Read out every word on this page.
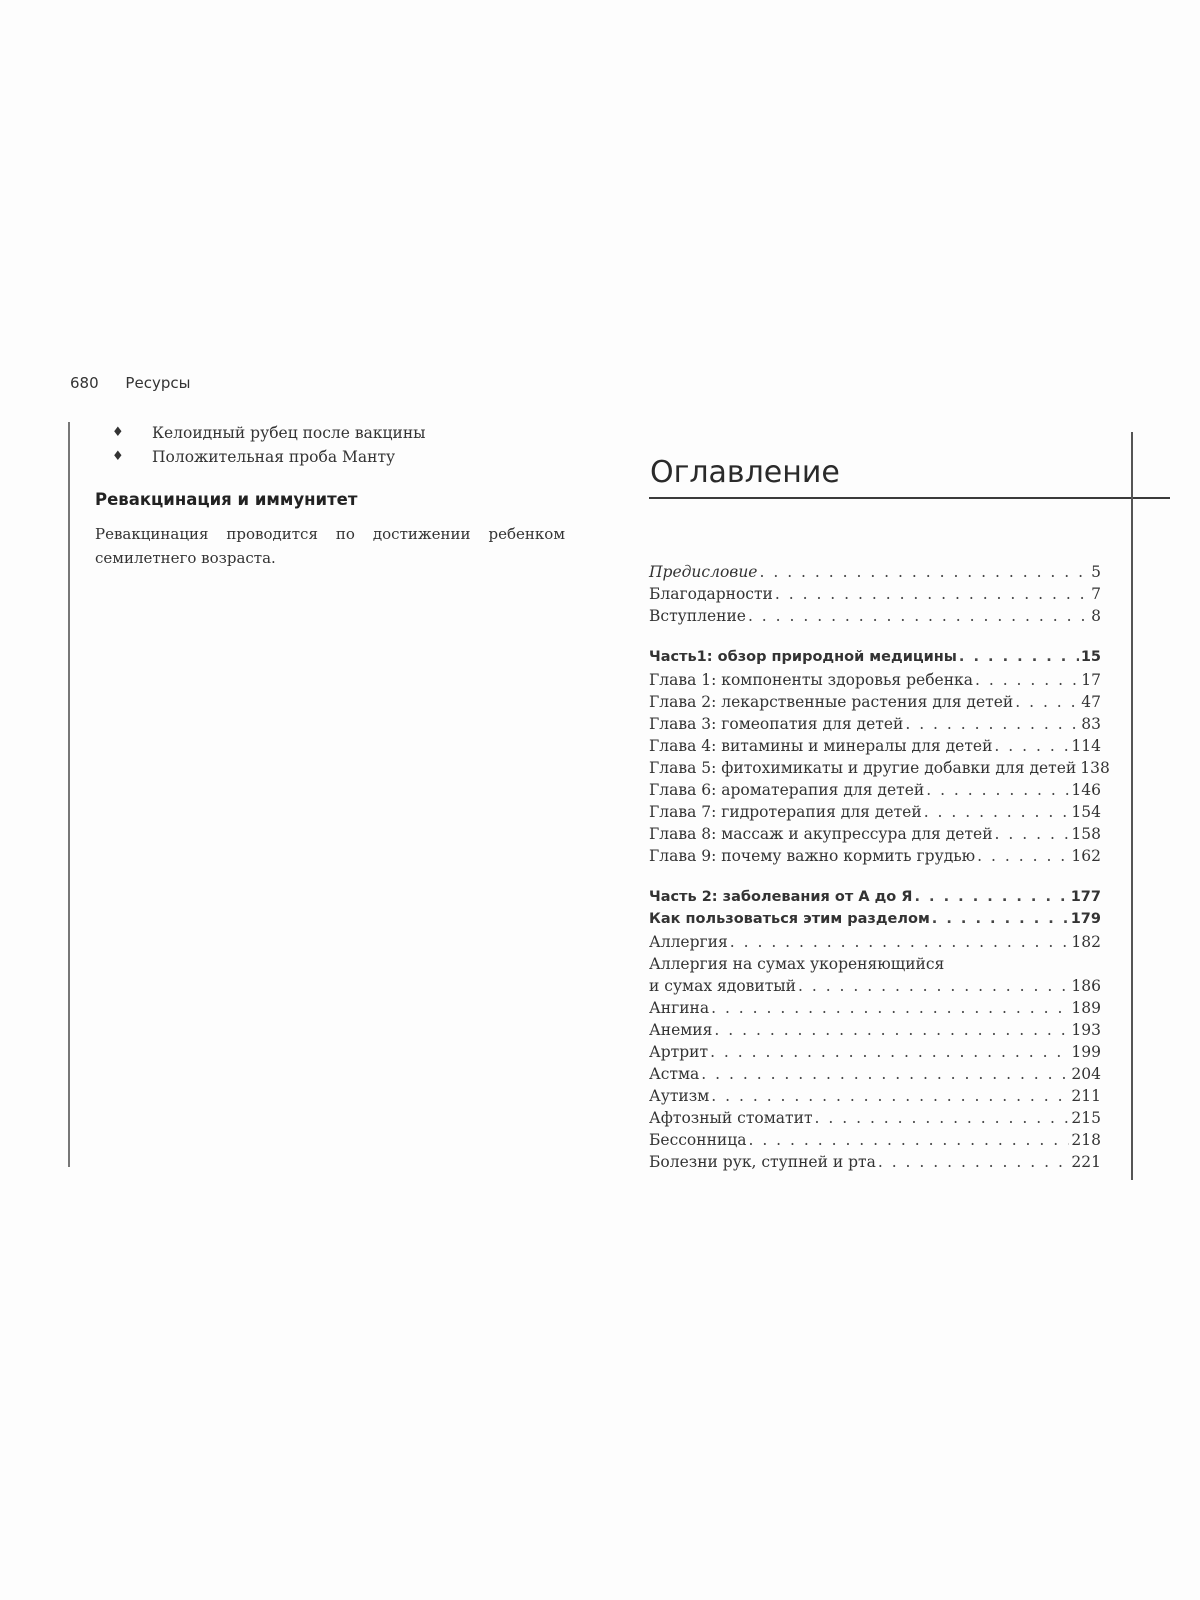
680 Ресурсы
♦	Келоидный рубец после вакцины
♦	Положительная проба Манту
Ревакцинация и иммунитет
Ревакцинация проводится по достижении ребенком семилетнего возраста.
Оглавление
Предисловие . . .	5
Благодарности . . .	7
Вступление . . .	8
Часть1: обзор природной медицины . . .	15
Глава 1: компоненты здоровья ребенка . . .	17
Глава 2: лекарственные растения для детей . . .	47
Глава 3: гомеопатия для детей . . .	83
Глава 4: витамины и минералы для детей . . .	114
Глава 5: фитохимикаты и другие добавки для детей 138
Глава 6: ароматерапия для детей . . .	146
Глава 7: гидротерапия для детей . . .	154
Глава 8: массаж и акупрессура для детей . . .	158
Глава 9: почему важно кормить грудью . . .	162
Часть 2: заболевания от А до Я . . .	177
Как пользоваться этим разделом . . .	179
Аллергия . . .	182
Аллергия на сумах укореняющийся
и сумах ядовитый . . .	186
Ангина . . .	189
Анемия . . .	193
Артрит . . .	199
Астма . . .	204
Аутизм . . .	211
Афтозный стоматит . . .	215
Бессонница . . .	218
Болезни рук, ступней и рта . . .	221
